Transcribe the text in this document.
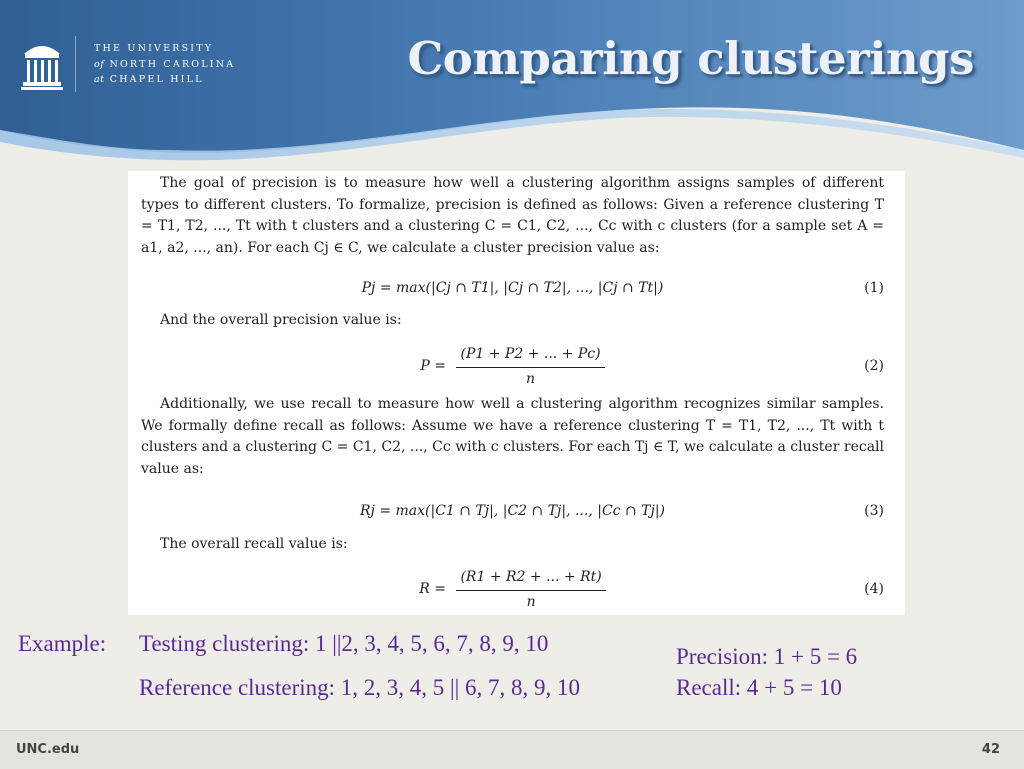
THE UNIVERSITY
of NORTH CAROLINA
at CHAPEL HILL	Comparing clusterings

The goal of precision is to measure how well a clustering algorithm assigns samples of different types to different clusters. To formalize, precision is defined as follows: Given a reference clustering T = T1, T2, ..., Tt with t clusters and a clustering C = C1, C2, ..., Cc with c clusters (for a sample set A = a1, a2, ..., an). For each Cj ∈ C, we calculate a cluster precision value as:

Pj = max(|Cj ∩ T1|, |Cj ∩ T2|, ..., |Cj ∩ Tt|)	(1)

And the overall precision value is:

$P = \frac{(P1 + P2 + ... + Pc)}{n}$	(2)

Additionally, we use recall to measure how well a clustering algorithm recognizes similar samples. We formally define recall as follows: Assume we have a reference clustering T = T1, T2, ..., Tt with t clusters and a clustering C = C1, C2, ..., Cc with c clusters. For each Tj ∈ T, we calculate a cluster recall value as:

Rj = max(|C1 ∩ Tj|, |C2 ∩ Tj|, ..., |Cc ∩ Tj|)	(3)

The overall recall value is:

$R = \frac{(R1 + R2 + ... + Rt)}{n}$	(4)
Example: Testing clustering: 1 ||2, 3, 4, 5, 6, 7, 8, 9, 10
Reference clustering: 1, 2, 3, 4, 5 || 6, 7, 8, 9, 10
Precision: 1 + 5 = 6
Recall: 4 + 5 = 10
UNC.edu	42
